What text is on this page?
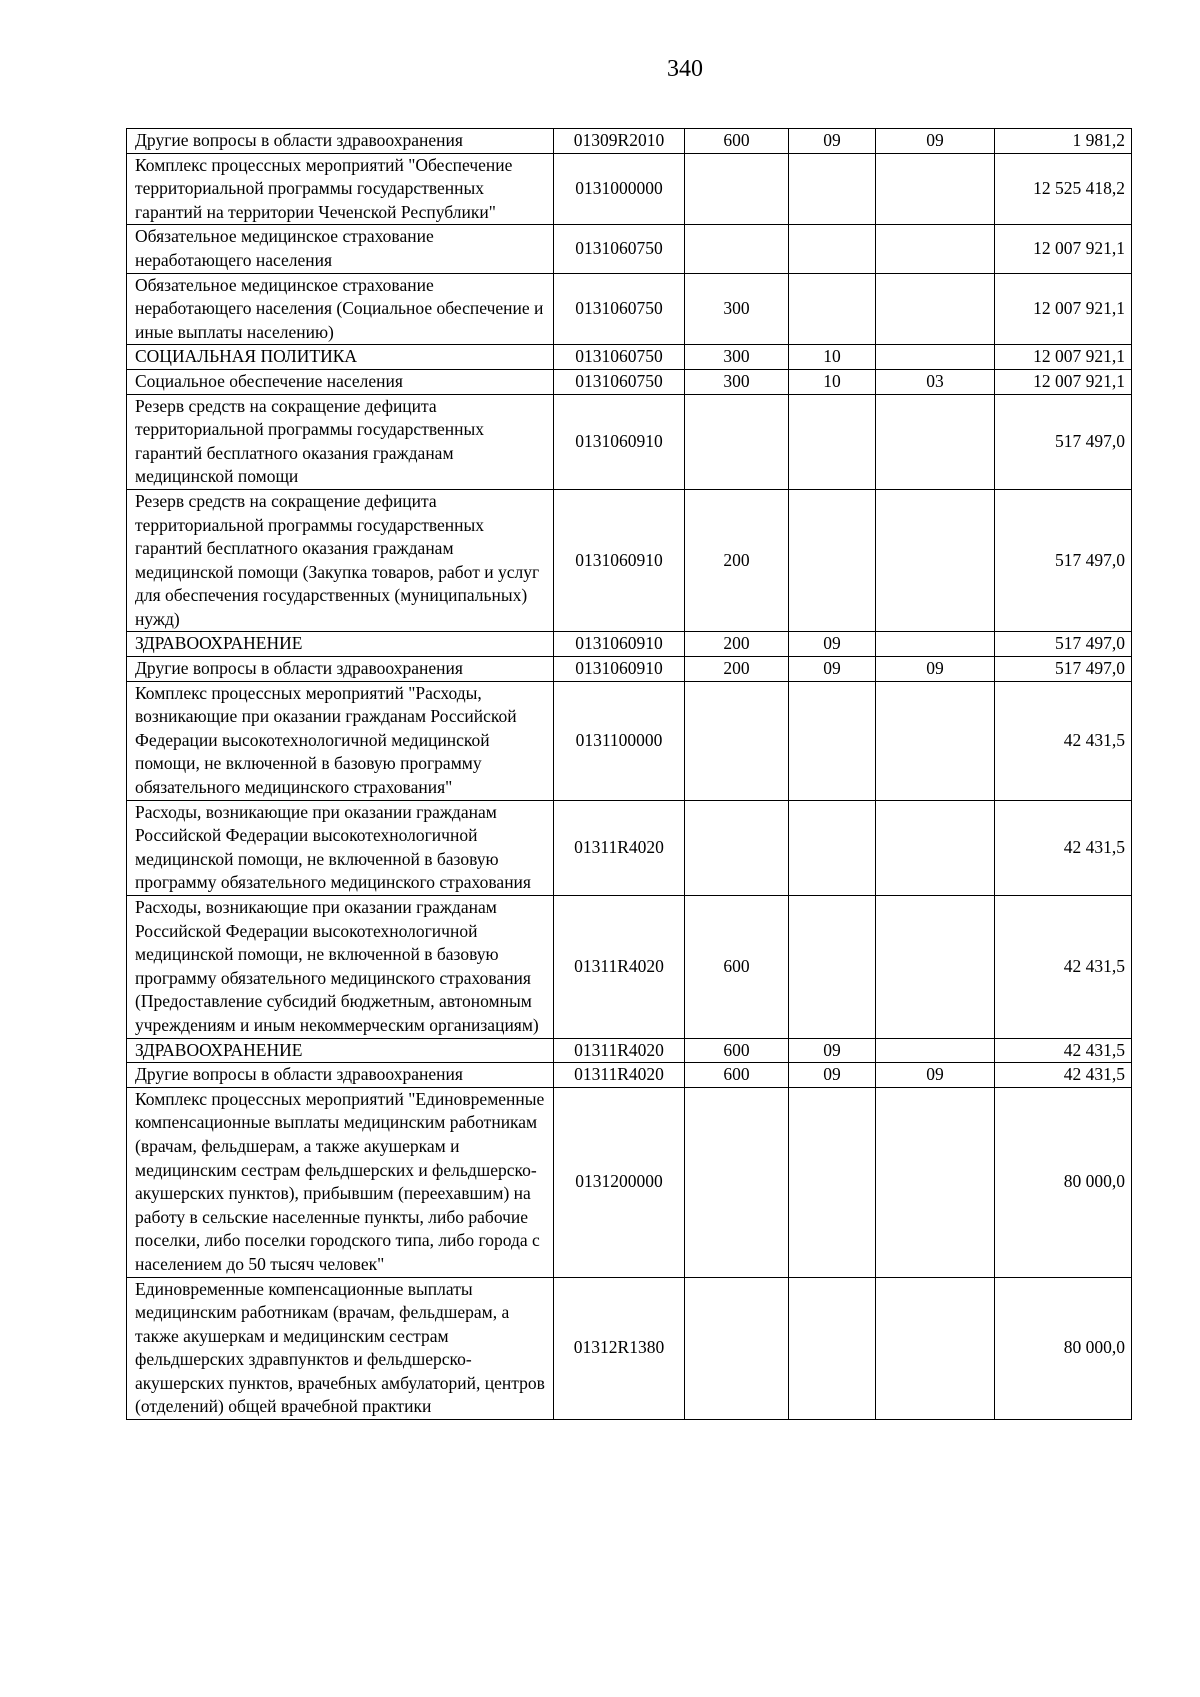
340
Другие вопросы в области здравоохранения	01309R2010	600	09	09	1 981,2
Комплекс процессных мероприятий "Обеспечение территориальной программы государственных гарантий на территории Чеченской Республики"	0131000000				12 525 418,2
Обязательное медицинское страхование неработающего населения	0131060750				12 007 921,1
Обязательное медицинское страхование неработающего населения (Социальное обеспечение и иные выплаты населению)	0131060750	300			12 007 921,1
СОЦИАЛЬНАЯ ПОЛИТИКА	0131060750	300	10		12 007 921,1
Социальное обеспечение населения	0131060750	300	10	03	12 007 921,1
Резерв средств на сокращение дефицита территориальной программы государственных гарантий бесплатного оказания гражданам медицинской помощи	0131060910				517 497,0
Резерв средств на сокращение дефицита территориальной программы государственных гарантий бесплатного оказания гражданам медицинской помощи (Закупка товаров, работ и услуг для обеспечения государственных (муниципальных) нужд)	0131060910	200			517 497,0
ЗДРАВООХРАНЕНИЕ	0131060910	200	09		517 497,0
Другие вопросы в области здравоохранения	0131060910	200	09	09	517 497,0
Комплекс процессных мероприятий "Расходы, возникающие при оказании гражданам Российской Федерации высокотехнологичной медицинской помощи, не включенной в базовую программу обязательного медицинского страхования"	0131100000				42 431,5
Расходы, возникающие при оказании гражданам Российской Федерации высокотехнологичной медицинской помощи, не включенной в базовую программу обязательного медицинского страхования	01311R4020				42 431,5
Расходы, возникающие при оказании гражданам Российской Федерации высокотехнологичной медицинской помощи, не включенной в базовую программу обязательного медицинского страхования (Предоставление субсидий бюджетным, автономным учреждениям и иным некоммерческим организациям)	01311R4020	600			42 431,5
ЗДРАВООХРАНЕНИЕ	01311R4020	600	09		42 431,5
Другие вопросы в области здравоохранения	01311R4020	600	09	09	42 431,5
Комплекс процессных мероприятий "Единовременные компенсационные выплаты медицинским работникам (врачам, фельдшерам, а также акушеркам и медицинским сестрам фельдшерских и фельдшерско-акушерских пунктов), прибывшим (переехавшим) на работу в сельские населенные пункты, либо рабочие поселки, либо поселки городского типа, либо города с населением до 50 тысяч человек"	0131200000				80 000,0
Единовременные компенсационные выплаты медицинским работникам (врачам, фельдшерам, а также акушеркам и медицинским сестрам фельдшерских здравпунктов и фельдшерско-акушерских пунктов, врачебных амбулаторий, центров (отделений) общей врачебной практики	01312R1380				80 000,0
